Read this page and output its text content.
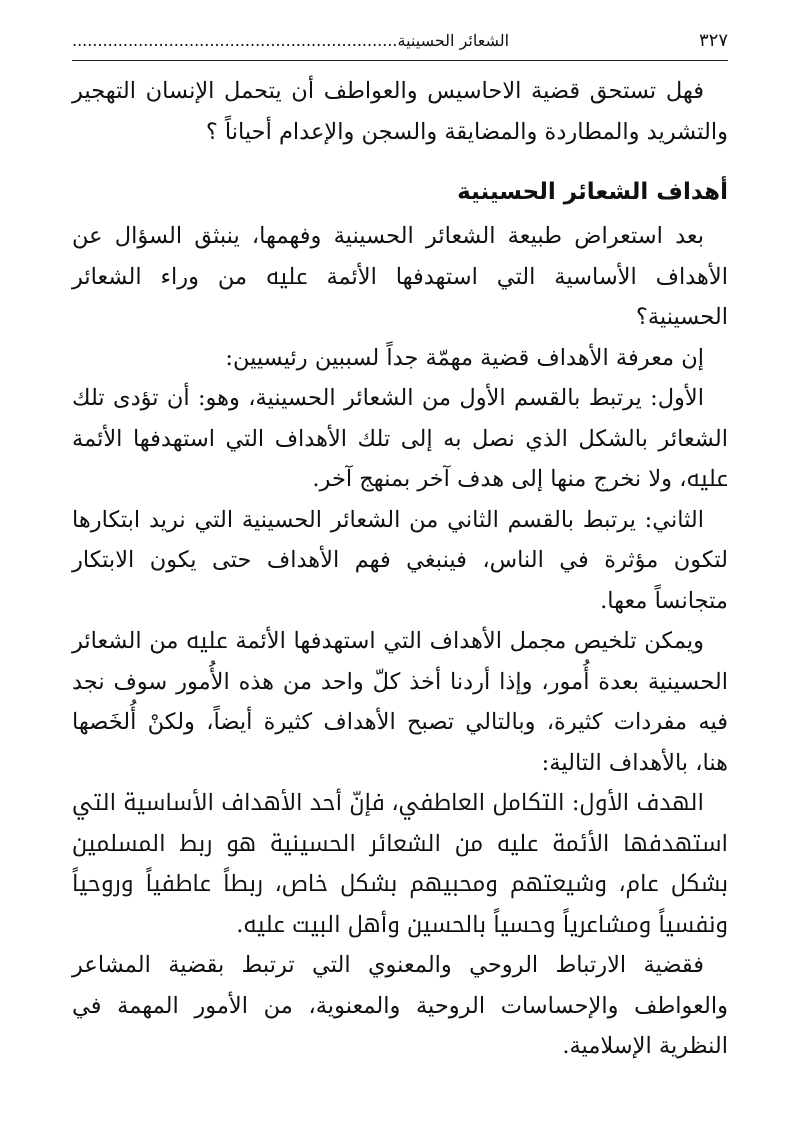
٣٢٧
................................................................الشعائر الحسينية

فهل تستحق قضية الاحاسيس والعواطف أن يتحمل الإنسان التهجير والتشريد والمطاردة والمضايقة والسجن والإعدام أحياناً ؟

أهداف الشعائر الحسينية

بعد استعراض طبيعة الشعائر الحسينية وفهمها، ينبثق السؤال عن الأهداف الأساسية التي استهدفها الأئمة ﷷ من وراء الشعائر الحسينية؟

إن معرفة الأهداف قضية مهمّة جداً لسببين رئيسيين:

الأول: يرتبط بالقسم الأول من الشعائر الحسينية، وهو: أن تؤدى تلك الشعائر بالشكل الذي نصل به إلى تلك الأهداف التي استهدفها الأئمة ﷷ، ولا نخرج منها إلى هدف آخر بمنهج آخر.

الثاني: يرتبط بالقسم الثاني من الشعائر الحسينية التي نريد ابتكارها لتكون مؤثرة في الناس، فينبغي فهم الأهداف حتى يكون الابتكار متجانساً معها.

ويمكن تلخيص مجمل الأهداف التي استهدفها الأئمة ﷷ من الشعائر الحسينية بعدة أُمور، وإذا أردنا أخذ كلّ واحد من هذه الأُمور سوف نجد فيه مفردات كثيرة، وبالتالي تصبح الأهداف كثيرة أيضاً، ولكنْ أُلخَصها هنا، بالأهداف التالية:

الهدف الأول: التكامل العاطفي، فإنّ أحد الأهداف الأساسية التي استهدفها الأئمة ﷷ من الشعائر الحسينية هو ربط المسلمين بشكل عام، وشيعتهم ومحبيهم بشكل خاص، ربطاً عاطفياً وروحياً ونفسياً ومشاعرياً وحسياً بالحسين وأهل البيت ﷷ.

فقضية الارتباط الروحي والمعنوي التي ترتبط بقضية المشاعر والعواطف والإحساسات الروحية والمعنوية، من الأمور المهمة في النظرية الإسلامية.
